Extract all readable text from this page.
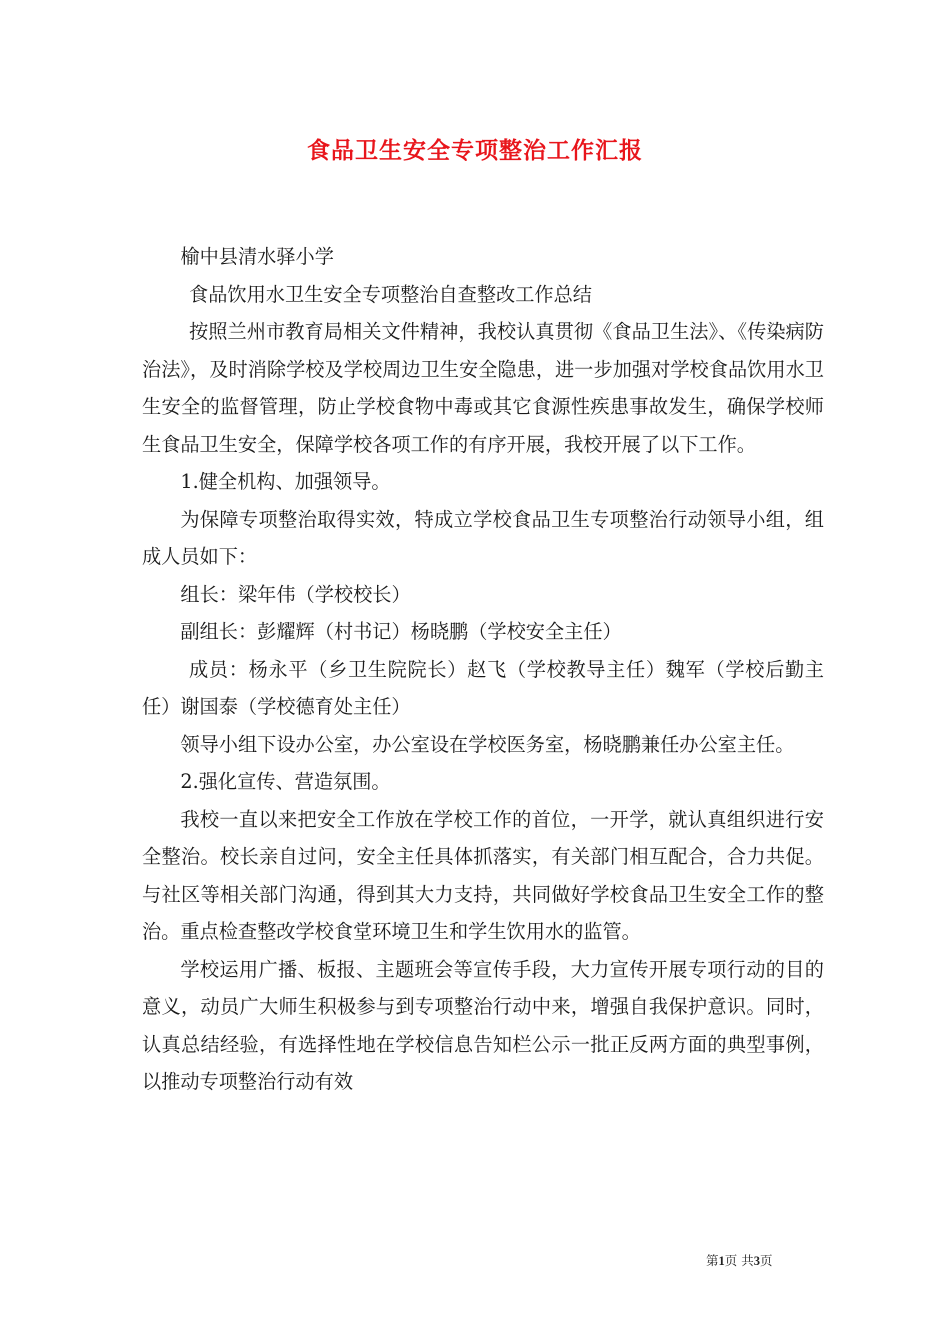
食品卫生安全专项整治工作汇报

榆中县清水驿小学

食品饮用水卫生安全专项整治自查整改工作总结

按照兰州市教育局相关文件精神，我校认真贯彻《食品卫生法》、《传染病防治法》，及时消除学校及学校周边卫生安全隐患，进一步加强对学校食品饮用水卫生安全的监督管理，防止学校食物中毒或其它食源性疾患事故发生，确保学校师生食品卫生安全，保障学校各项工作的有序开展，我校开展了以下工作。

1.健全机构、加强领导。

为保障专项整治取得实效，特成立学校食品卫生专项整治行动领导小组，组成人员如下：

组长：梁年伟（学校校长）

副组长：彭耀辉（村书记）杨晓鹏（学校安全主任）

成员：杨永平（乡卫生院院长）赵飞（学校教导主任）魏军（学校后勤主任）谢国泰（学校德育处主任）

领导小组下设办公室，办公室设在学校医务室，杨晓鹏兼任办公室主任。

2.强化宣传、营造氛围。

我校一直以来把安全工作放在学校工作的首位，一开学，就认真组织进行安全整治。校长亲自过问，安全主任具体抓落实，有关部门相互配合，合力共促。与社区等相关部门沟通，得到其大力支持，共同做好学校食品卫生安全工作的整治。重点检查整改学校食堂环境卫生和学生饮用水的监管。

学校运用广播、板报、主题班会等宣传手段，大力宣传开展专项行动的目的意义，动员广大师生积极参与到专项整治行动中来，增强自我保护意识。同时，认真总结经验，有选择性地在学校信息告知栏公示一批正反两方面的典型事例，以推动专项整治行动有效

第1页 共3页
